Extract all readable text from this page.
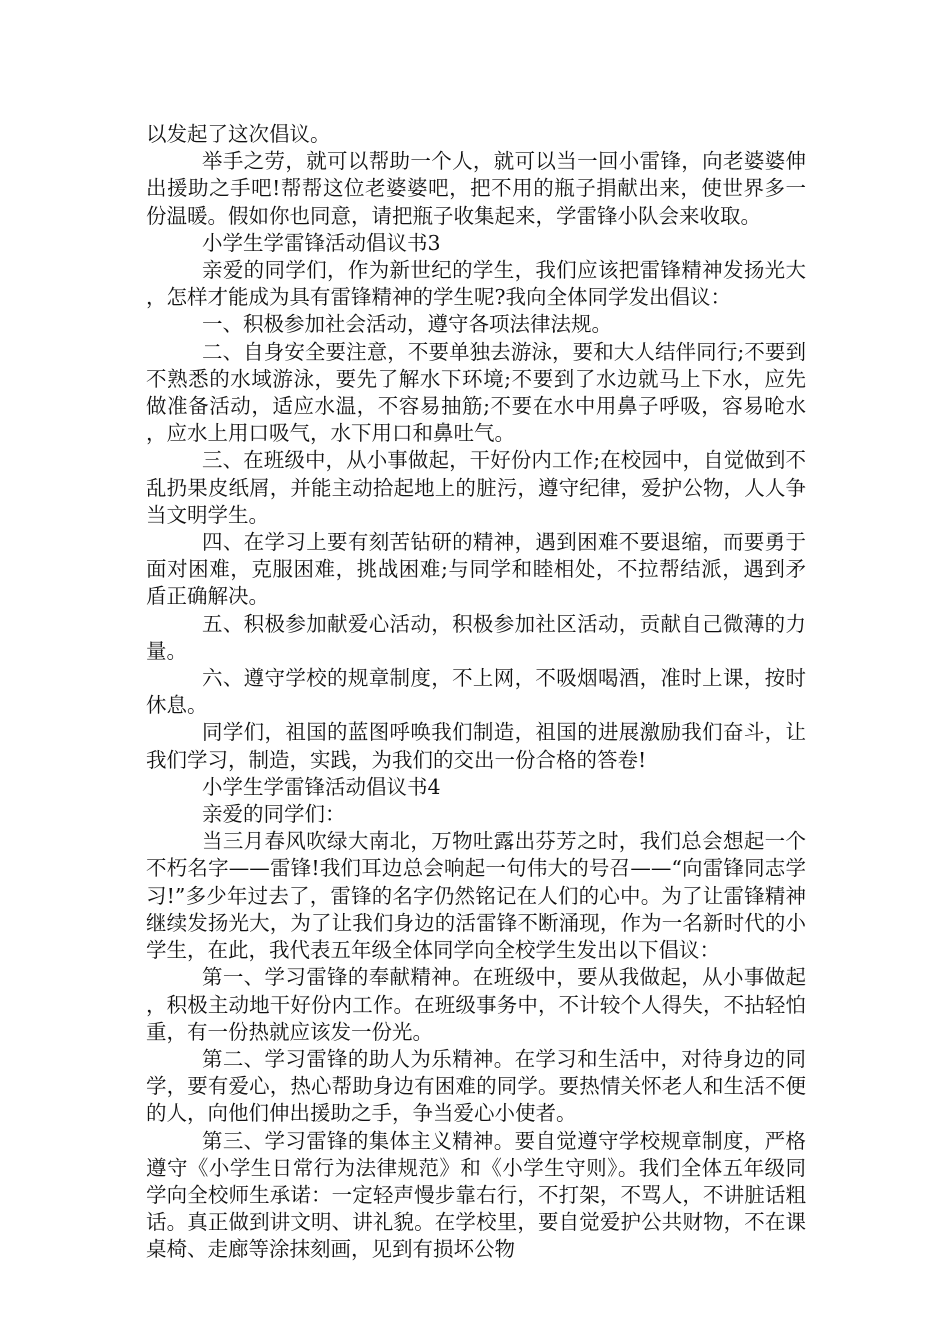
以发起了这次倡议。

举手之劳，就可以帮助一个人，就可以当一回小雷锋，向老婆婆伸出援助之手吧!帮帮这位老婆婆吧，把不用的瓶子捐献出来，使世界多一份温暖。假如你也同意，请把瓶子收集起来，学雷锋小队会来收取。

小学生学雷锋活动倡议书3

亲爱的同学们，作为新世纪的学生，我们应该把雷锋精神发扬光大，怎样才能成为具有雷锋精神的学生呢?我向全体同学发出倡议：

一、积极参加社会活动，遵守各项法律法规。

二、自身安全要注意，不要单独去游泳，要和大人结伴同行;不要到不熟悉的水域游泳，要先了解水下环境;不要到了水边就马上下水，应先做准备活动，适应水温，不容易抽筋;不要在水中用鼻子呼吸，容易呛水，应水上用口吸气，水下用口和鼻吐气。

三、在班级中，从小事做起，干好份内工作;在校园中，自觉做到不乱扔果皮纸屑，并能主动拾起地上的脏污，遵守纪律，爱护公物，人人争当文明学生。

四、在学习上要有刻苦钻研的精神，遇到困难不要退缩，而要勇于面对困难，克服困难，挑战困难;与同学和睦相处，不拉帮结派，遇到矛盾正确解决。

五、积极参加献爱心活动，积极参加社区活动，贡献自己微薄的力量。

六、遵守学校的规章制度，不上网，不吸烟喝酒，准时上课，按时休息。

同学们，祖国的蓝图呼唤我们制造，祖国的进展激励我们奋斗，让我们学习，制造，实践，为我们的交出一份合格的答卷!

小学生学雷锋活动倡议书4

亲爱的同学们：

当三月春风吹绿大南北，万物吐露出芬芳之时，我们总会想起一个不朽名字——雷锋!我们耳边总会响起一句伟大的号召——“向雷锋同志学习!”多少年过去了，雷锋的名字仍然铭记在人们的心中。为了让雷锋精神继续发扬光大，为了让我们身边的活雷锋不断涌现，作为一名新时代的小学生，在此，我代表五年级全体同学向全校学生发出以下倡议：

第一、学习雷锋的奉献精神。在班级中，要从我做起，从小事做起，积极主动地干好份内工作。在班级事务中，不计较个人得失，不拈轻怕重，有一份热就应该发一份光。

第二、学习雷锋的助人为乐精神。在学习和生活中，对待身边的同学，要有爱心，热心帮助身边有困难的同学。要热情关怀老人和生活不便的人，向他们伸出援助之手，争当爱心小使者。

第三、学习雷锋的集体主义精神。要自觉遵守学校规章制度，严格遵守《小学生日常行为法律规范》和《小学生守则》。我们全体五年级同学向全校师生承诺：一定轻声慢步靠右行，不打架，不骂人，不讲脏话粗话。真正做到讲文明、讲礼貌。在学校里，要自觉爱护公共财物，不在课桌椅、走廊等涂抹刻画，见到有损坏公物
